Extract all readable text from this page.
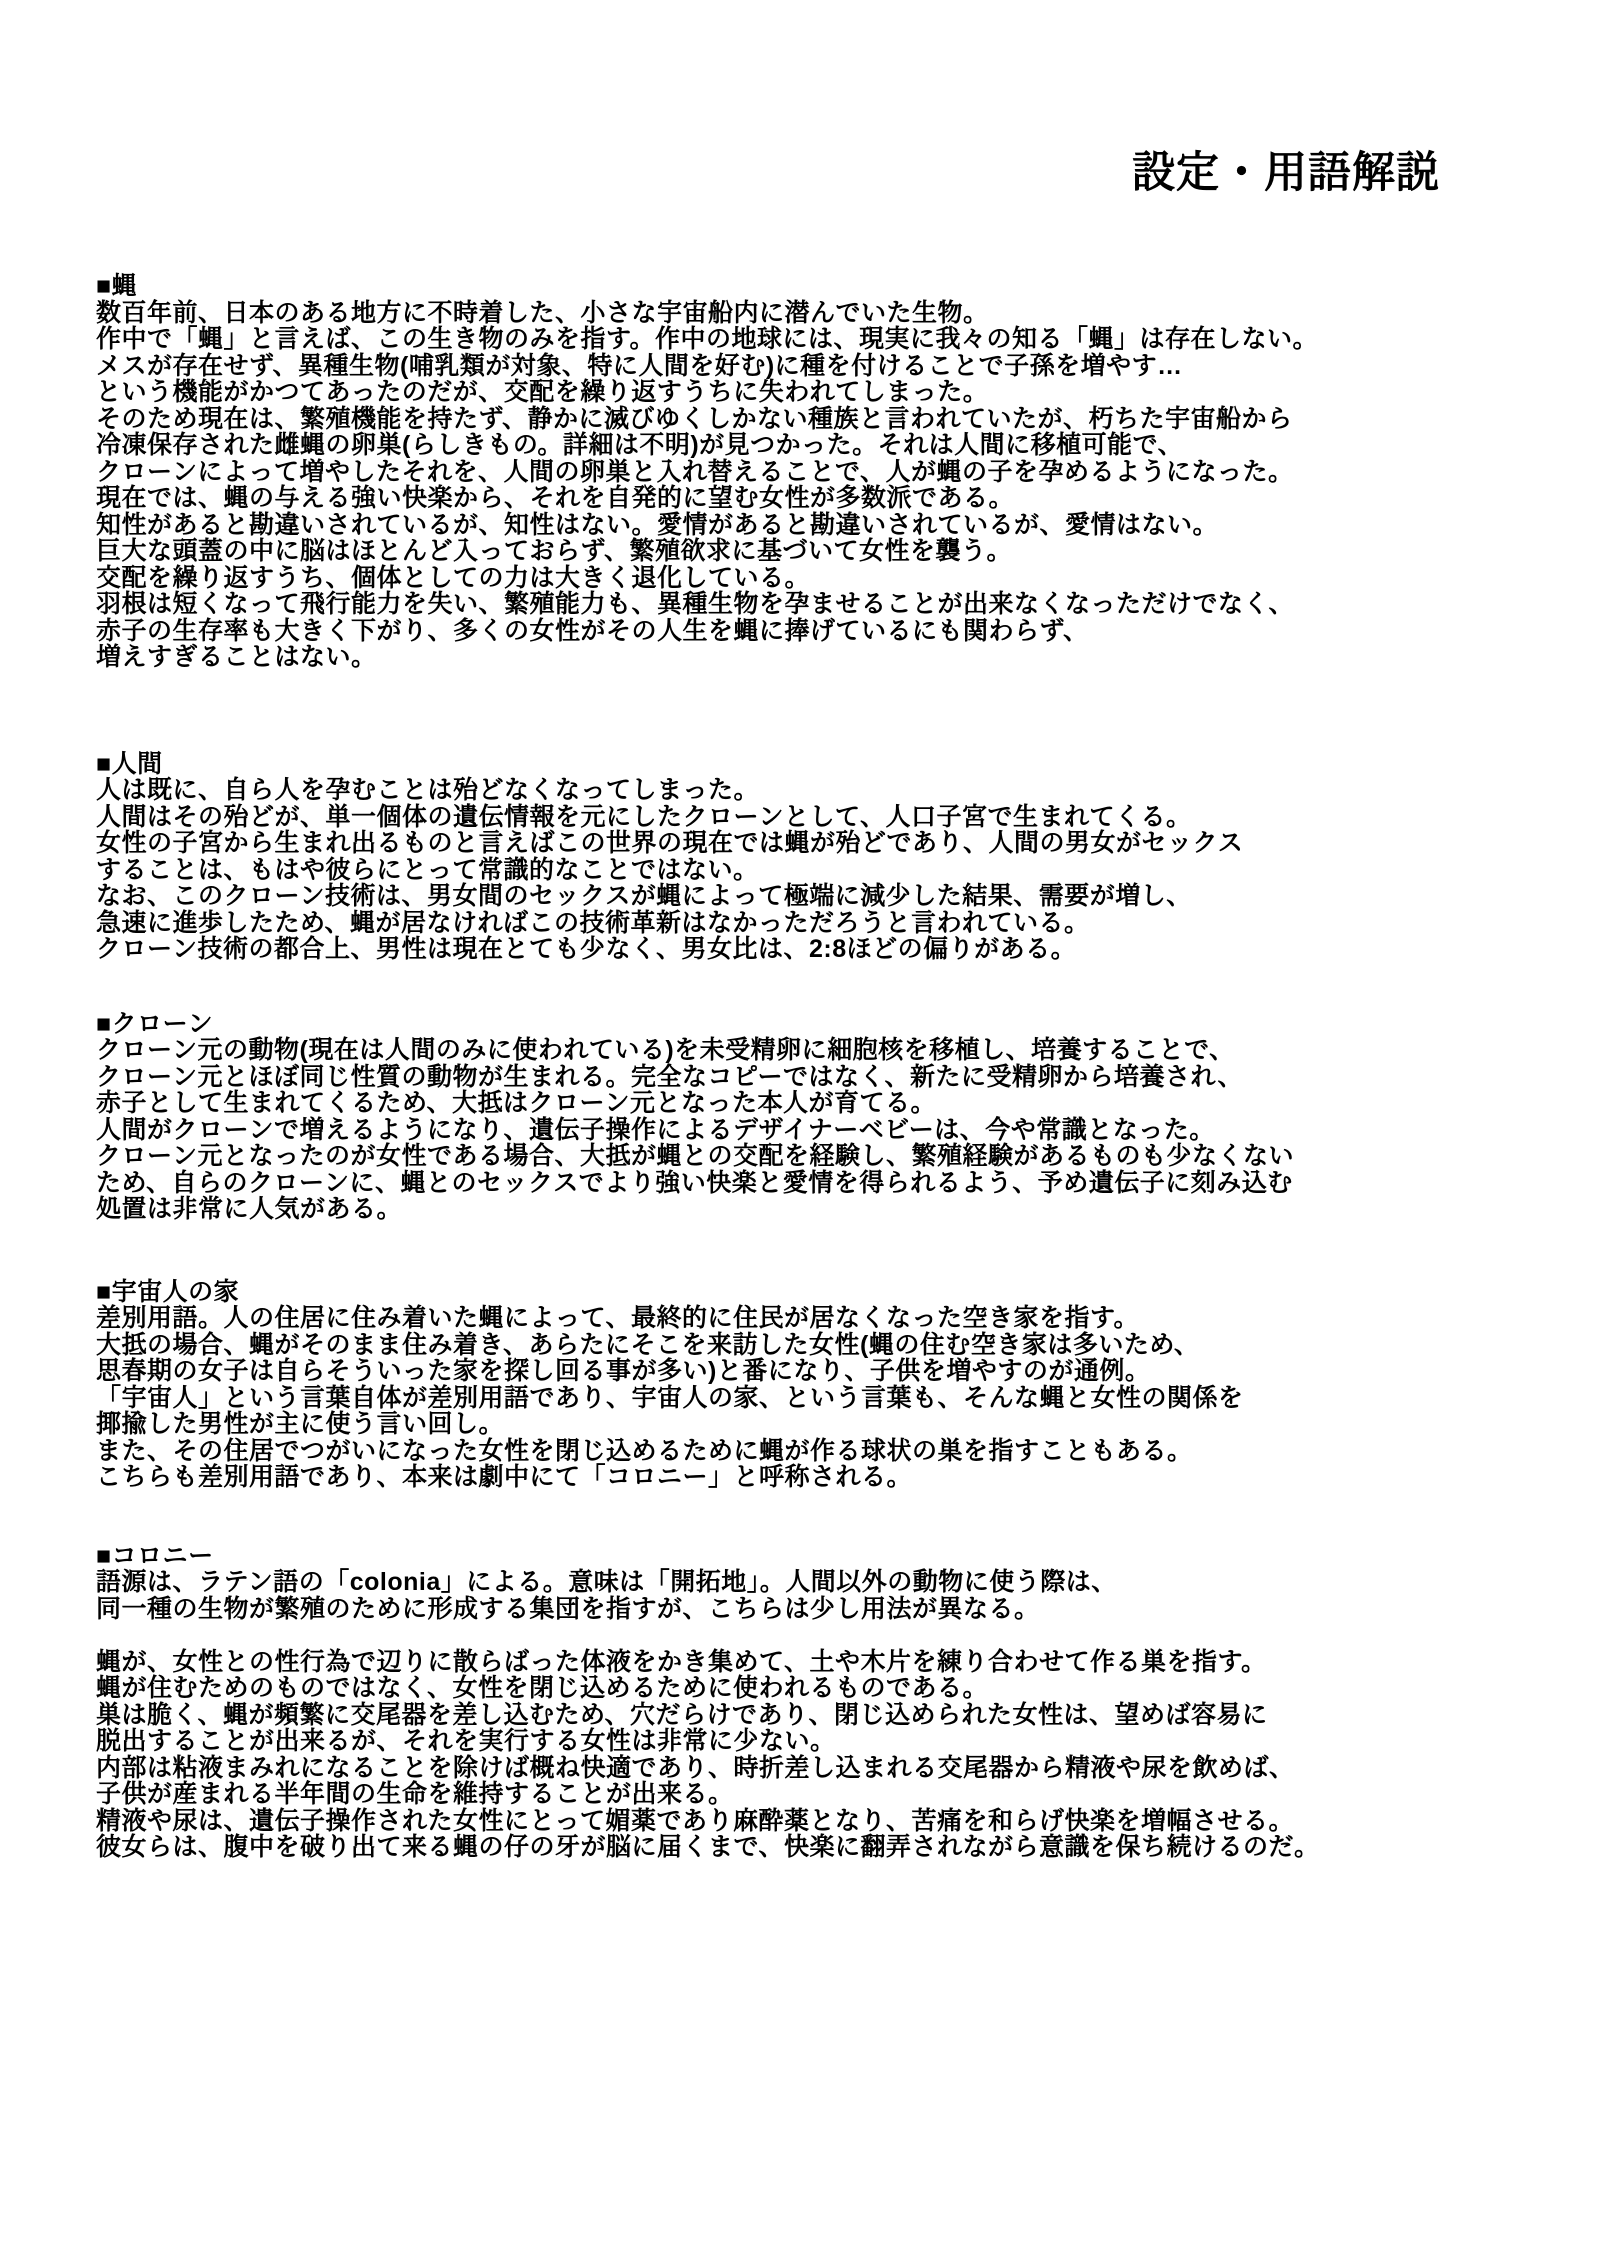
設定・用語解説
■蝿
数百年前、日本のある地方に不時着した、小さな宇宙船内に潜んでいた生物。
作中で「蝿」と言えば、この生き物のみを指す。作中の地球には、現実に我々の知る「蝿」は存在しない。
メスが存在せず、異種生物(哺乳類が対象、特に人間を好む)に種を付けることで子孫を増やす…
という機能がかつてあったのだが、交配を繰り返すうちに失われてしまった。
そのため現在は、繁殖機能を持たず、静かに滅びゆくしかない種族と言われていたが、朽ちた宇宙船から
冷凍保存された雌蝿の卵巣(らしきもの。詳細は不明)が見つかった。それは人間に移植可能で、
クローンによって増やしたそれを、人間の卵巣と入れ替えることで、人が蝿の子を孕めるようになった。
現在では、蝿の与える強い快楽から、それを自発的に望む女性が多数派である。
知性があると勘違いされているが、知性はない。愛情があると勘違いされているが、愛情はない。
巨大な頭蓋の中に脳はほとんど入っておらず、繁殖欲求に基づいて女性を襲う。
交配を繰り返すうち、個体としての力は大きく退化している。
羽根は短くなって飛行能力を失い、繁殖能力も、異種生物を孕ませることが出来なくなっただけでなく、
赤子の生存率も大きく下がり、多くの女性がその人生を蝿に捧げているにも関わらず、
増えすぎることはない。
■人間
人は既に、自ら人を孕むことは殆どなくなってしまった。
人間はその殆どが、単一個体の遺伝情報を元にしたクローンとして、人口子宮で生まれてくる。
女性の子宮から生まれ出るものと言えばこの世界の現在では蝿が殆どであり、人間の男女がセックス
することは、もはや彼らにとって常識的なことではない。
なお、このクローン技術は、男女間のセックスが蝿によって極端に減少した結果、需要が増し、
急速に進歩したため、蝿が居なければこの技術革新はなかっただろうと言われている。
クローン技術の都合上、男性は現在とても少なく、男女比は、2:8ほどの偏りがある。
■クローン
クローン元の動物(現在は人間のみに使われている)を未受精卵に細胞核を移植し、培養することで、
クローン元とほぼ同じ性質の動物が生まれる。完全なコピーではなく、新たに受精卵から培養され、
赤子として生まれてくるため、大抵はクローン元となった本人が育てる。
人間がクローンで増えるようになり、遺伝子操作によるデザイナーベビーは、今や常識となった。
クローン元となったのが女性である場合、大抵が蝿との交配を経験し、繁殖経験があるものも少なくない
ため、自らのクローンに、蝿とのセックスでより強い快楽と愛情を得られるよう、予め遺伝子に刻み込む
処置は非常に人気がある。
■宇宙人の家
差別用語。人の住居に住み着いた蝿によって、最終的に住民が居なくなった空き家を指す。
大抵の場合、蝿がそのまま住み着き、あらたにそこを来訪した女性(蝿の住む空き家は多いため、
思春期の女子は自らそういった家を探し回る事が多い)と番になり、子供を増やすのが通例。
「宇宙人」という言葉自体が差別用語であり、宇宙人の家、という言葉も、そんな蝿と女性の関係を
揶揄した男性が主に使う言い回し。
また、その住居でつがいになった女性を閉じ込めるために蝿が作る球状の巣を指すこともある。
こちらも差別用語であり、本来は劇中にて「コロニー」と呼称される。
■コロニー
語源は、ラテン語の「colonia」による。意味は「開拓地」。人間以外の動物に使う際は、
同一種の生物が繁殖のために形成する集団を指すが、こちらは少し用法が異なる。
蝿が、女性との性行為で辺りに散らばった体液をかき集めて、土や木片を練り合わせて作る巣を指す。
蝿が住むためのものではなく、女性を閉じ込めるために使われるものである。
巣は脆く、蝿が頻繁に交尾器を差し込むため、穴だらけであり、閉じ込められた女性は、望めば容易に
脱出することが出来るが、それを実行する女性は非常に少ない。
内部は粘液まみれになることを除けば概ね快適であり、時折差し込まれる交尾器から精液や尿を飲めば、
子供が産まれる半年間の生命を維持することが出来る。
精液や尿は、遺伝子操作された女性にとって媚薬であり麻酔薬となり、苦痛を和らげ快楽を増幅させる。
彼女らは、腹中を破り出て来る蝿の仔の牙が脳に届くまで、快楽に翻弄されながら意識を保ち続けるのだ。
